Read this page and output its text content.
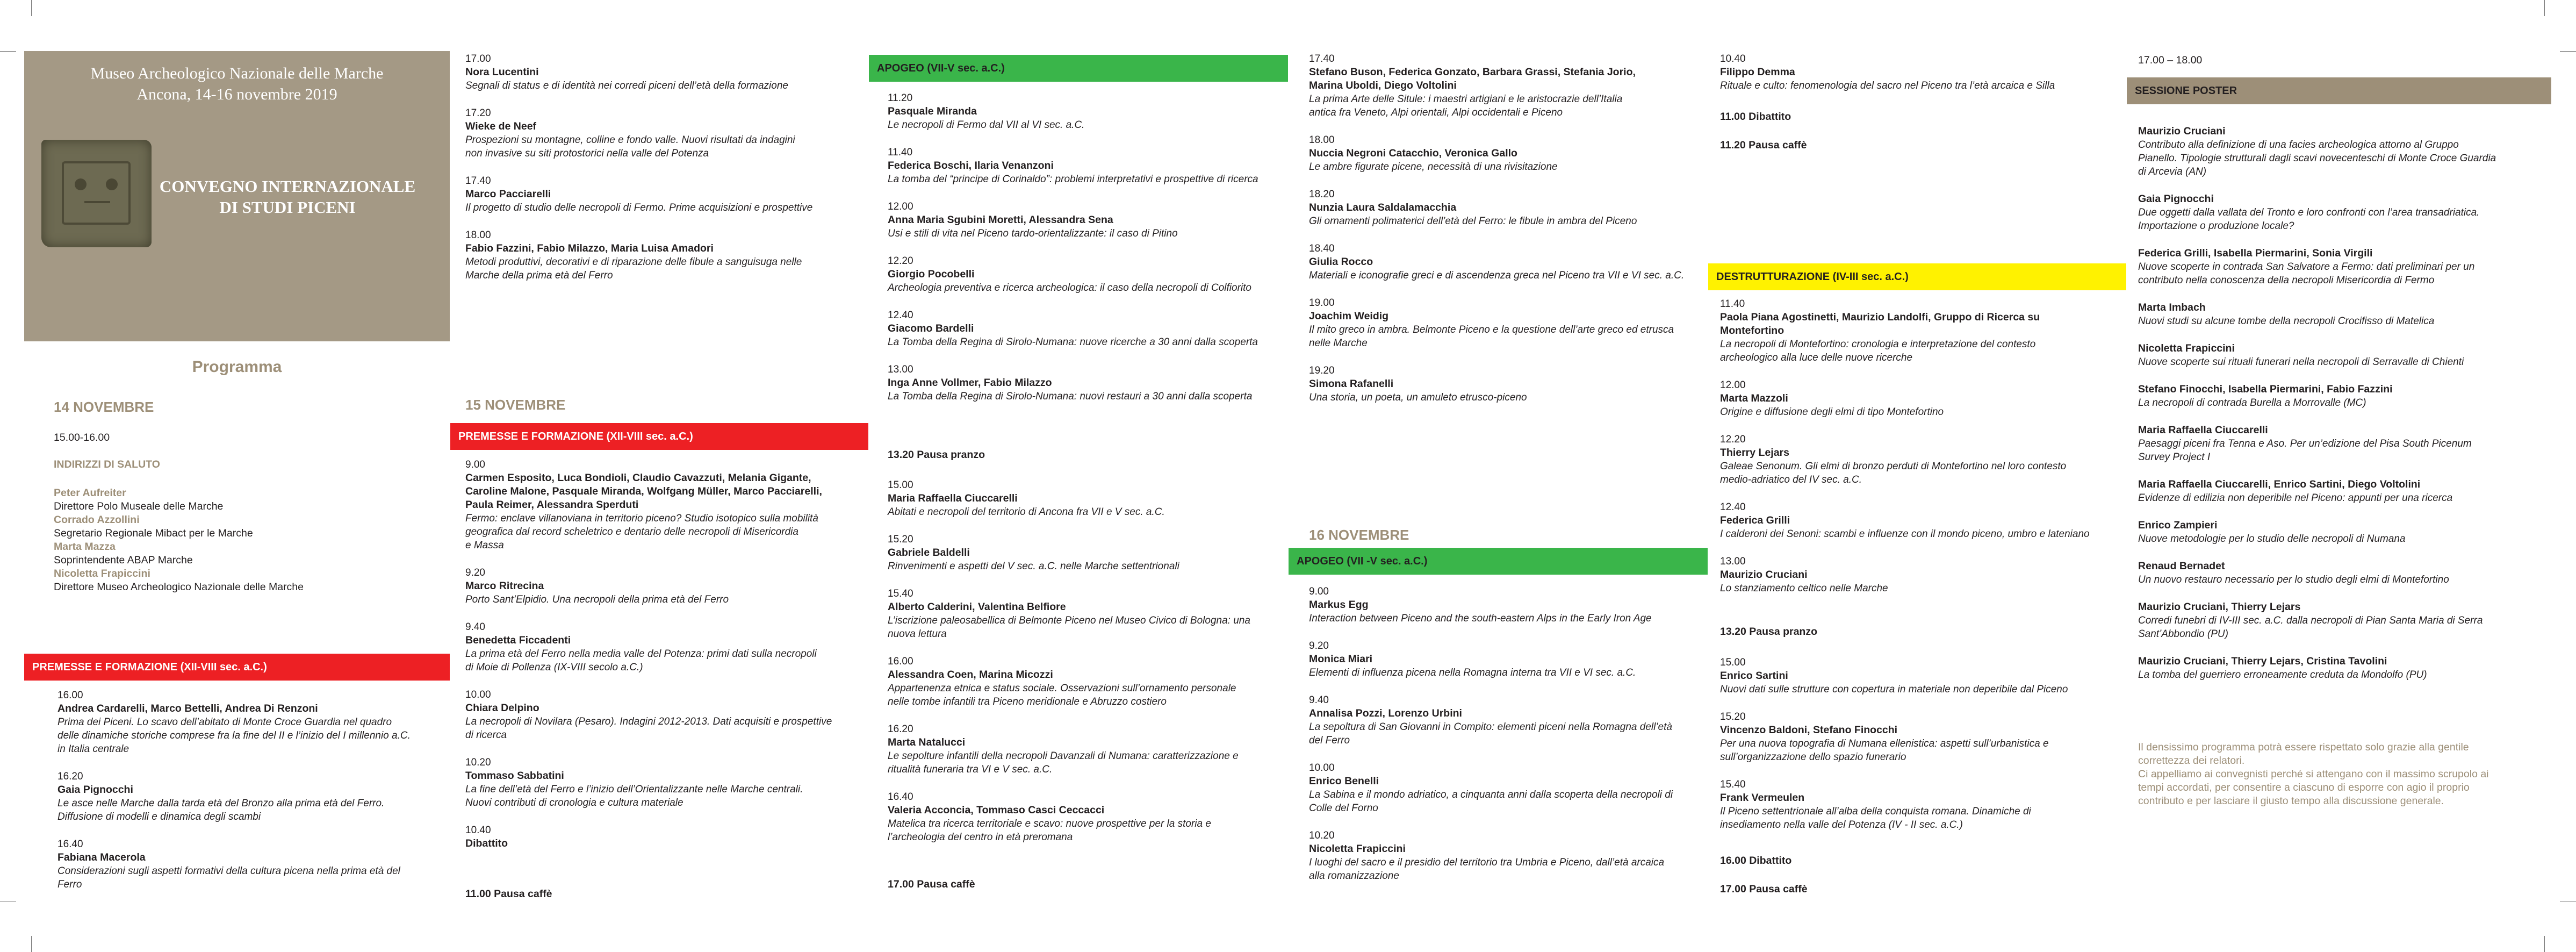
Museo Archeologico Nazionale delle Marche
Ancona, 14-16 novembre 2019
CONVEGNO INTERNAZIONALE
DI STUDI PICENI
Programma
14 NOVEMBRE
15.00-16.00
INDIRIZZI DI SALUTO
Peter Aufreiter
Direttore Polo Museale delle Marche
Corrado Azzollini
Segretario Regionale Mibact per le Marche
Marta Mazza
Soprintendente ABAP Marche
Nicoletta Frapiccini
Direttore Museo Archeologico Nazionale delle Marche
PREMESSE E FORMAZIONE (XII-VIII sec. a.C.)
16.00
Andrea Cardarelli, Marco Bettelli, Andrea Di Renzoni
Prima dei Piceni. Lo scavo dell’abitato di Monte Croce Guardia nel quadro
delle dinamiche storiche comprese fra la fine del II e l’inizio del I millennio a.C.
in Italia centrale
16.20
Gaia Pignocchi
Le asce nelle Marche dalla tarda età del Bronzo alla prima età del Ferro.
Diffusione di modelli e dinamica degli scambi
16.40
Fabiana Macerola
Considerazioni sugli aspetti formativi della cultura picena nella prima età del
Ferro
17.00
Nora Lucentini
Segnali di status e di identità nei corredi piceni dell’età della formazione
17.20
Wieke de Neef
Prospezioni su montagne, colline e fondo valle. Nuovi risultati da indagini
non invasive su siti protostorici nella valle del Potenza
17.40
Marco Pacciarelli
Il progetto di studio delle necropoli di Fermo. Prime acquisizioni e prospettive
18.00
Fabio Fazzini, Fabio Milazzo, Maria Luisa Amadori
Metodi produttivi, decorativi e di riparazione delle fibule a sanguisuga nelle
Marche della prima età del Ferro
15 NOVEMBRE
PREMESSE E FORMAZIONE (XII-VIII sec. a.C.)
9.00
Carmen Esposito, Luca Bondioli, Claudio Cavazzuti, Melania Gigante,
Caroline Malone, Pasquale Miranda, Wolfgang Müller, Marco Pacciarelli,
Paula Reimer, Alessandra Sperduti
Fermo: enclave villanoviana in territorio piceno? Studio isotopico sulla mobilità
geografica dal record scheletrico e dentario delle necropoli di Misericordia
e Massa
9.20
Marco Ritrecina
Porto Sant’Elpidio. Una necropoli della prima età del Ferro
9.40
Benedetta Ficcadenti
La prima età del Ferro nella media valle del Potenza: primi dati sulla necropoli
di Moie di Pollenza (IX-VIII secolo a.C.)
10.00
Chiara Delpino
La necropoli di Novilara (Pesaro). Indagini 2012-2013. Dati acquisiti e prospettive
di ricerca
10.20
Tommaso Sabbatini
La fine dell’età del Ferro e l’inizio dell’Orientalizzante nelle Marche centrali.
Nuovi contributi di cronologia e cultura materiale
10.40
Dibattito
11.00 Pausa caffè
APOGEO (VII-V sec. a.C.)
11.20
Pasquale Miranda
Le necropoli di Fermo dal VII al VI sec. a.C.
11.40
Federica Boschi, Ilaria Venanzoni
La tomba del “principe di Corinaldo”: problemi interpretativi e prospettive di ricerca
12.00
Anna Maria Sgubini Moretti, Alessandra Sena
Usi e stili di vita nel Piceno tardo-orientalizzante: il caso di Pitino
12.20
Giorgio Pocobelli
Archeologia preventiva e ricerca archeologica: il caso della necropoli di Colfiorito
12.40
Giacomo Bardelli
La Tomba della Regina di Sirolo-Numana: nuove ricerche a 30 anni dalla scoperta
13.00
Inga Anne Vollmer, Fabio Milazzo
La Tomba della Regina di Sirolo-Numana: nuovi restauri a 30 anni dalla scoperta
13.20 Pausa pranzo
15.00
Maria Raffaella Ciuccarelli
Abitati e necropoli del territorio di Ancona fra VII e V sec. a.C.
15.20
Gabriele Baldelli
Rinvenimenti e aspetti del V sec. a.C. nelle Marche settentrionali
15.40
Alberto Calderini, Valentina Belfiore
L’iscrizione paleosabellica di Belmonte Piceno nel Museo Civico di Bologna: una
nuova lettura
16.00
Alessandra Coen, Marina Micozzi
Appartenenza etnica e status sociale. Osservazioni sull’ornamento personale
nelle tombe infantili tra Piceno meridionale e Abruzzo costiero
16.20
Marta Natalucci
Le sepolture infantili della necropoli Davanzali di Numana: caratterizzazione e
ritualità funeraria tra VI e V sec. a.C.
16.40
Valeria Acconcia, Tommaso Casci Ceccacci
Matelica tra ricerca territoriale e scavo: nuove prospettive per la storia e
l’archeologia del centro in età preromana
17.00 Pausa caffè
17.40
Stefano Buson, Federica Gonzato, Barbara Grassi, Stefania Jorio,
Marina Uboldi, Diego Voltolini
La prima Arte delle Situle: i maestri artigiani e le aristocrazie dell’Italia
antica fra Veneto, Alpi orientali, Alpi occidentali e Piceno
18.00
Nuccia Negroni Catacchio, Veronica Gallo
Le ambre figurate picene, necessità di una rivisitazione
18.20
Nunzia Laura Saldalamacchia
Gli ornamenti polimaterici dell’età del Ferro: le fibule in ambra del Piceno
18.40
Giulia Rocco
Materiali e iconografie greci e di ascendenza greca nel Piceno tra VII e VI sec. a.C.
19.00
Joachim Weidig
Il mito greco in ambra. Belmonte Piceno e la questione dell’arte greco ed etrusca
nelle Marche
19.20
Simona Rafanelli
Una storia, un poeta, un amuleto etrusco-piceno
16 NOVEMBRE
APOGEO (VII -V sec. a.C.)
9.00
Markus Egg
Interaction between Piceno and the south-eastern Alps in the Early Iron Age
9.20
Monica Miari
Elementi di influenza picena nella Romagna interna tra VII e VI sec. a.C.
9.40
Annalisa Pozzi, Lorenzo Urbini
La sepoltura di San Giovanni in Compito: elementi piceni nella Romagna dell’età
del Ferro
10.00
Enrico Benelli
La Sabina e il mondo adriatico, a cinquanta anni dalla scoperta della necropoli di
Colle del Forno
10.20
Nicoletta Frapiccini
I luoghi del sacro e il presidio del territorio tra Umbria e Piceno, dall’età arcaica
alla romanizzazione
10.40
Filippo Demma
Rituale e culto: fenomenologia del sacro nel Piceno tra l’età arcaica e Silla
11.00 Dibattito
11.20 Pausa caffè
DESTRUTTURAZIONE (IV-III sec. a.C.)
11.40
Paola Piana Agostinetti, Maurizio Landolfi, Gruppo di Ricerca su
Montefortino
La necropoli di Montefortino: cronologia e interpretazione del contesto
archeologico alla luce delle nuove ricerche
12.00
Marta Mazzoli
Origine e diffusione degli elmi di tipo Montefortino
12.20
Thierry Lejars
Galeae Senonum. Gli elmi di bronzo perduti di Montefortino nel loro contesto
medio-adriatico del IV sec. a.C.
12.40
Federica Grilli
I calderoni dei Senoni: scambi e influenze con il mondo piceno, umbro e lateniano
13.00
Maurizio Cruciani
Lo stanziamento celtico nelle Marche
13.20 Pausa pranzo
15.00
Enrico Sartini
Nuovi dati sulle strutture con copertura in materiale non deperibile dal Piceno
15.20
Vincenzo Baldoni, Stefano Finocchi
Per una nuova topografia di Numana ellenistica: aspetti sull’urbanistica e
sull’organizzazione dello spazio funerario
15.40
Frank Vermeulen
Il Piceno settentrionale all’alba della conquista romana. Dinamiche di
insediamento nella valle del Potenza (IV - II sec. a.C.)
16.00 Dibattito
17.00 Pausa caffè
17.00 – 18.00
SESSIONE POSTER
Maurizio Cruciani
Contributo alla definizione di una facies archeologica attorno al Gruppo
Pianello. Tipologie strutturali dagli scavi novecenteschi di Monte Croce Guardia
di Arcevia (AN)
Gaia Pignocchi
Due oggetti dalla vallata del Tronto e loro confronti con l’area transadriatica.
Importazione o produzione locale?
Federica Grilli, Isabella Piermarini, Sonia Virgili
Nuove scoperte in contrada San Salvatore a Fermo: dati preliminari per un
contributo nella conoscenza della necropoli Misericordia di Fermo
Marta Imbach
Nuovi studi su alcune tombe della necropoli Crocifisso di Matelica
Nicoletta Frapiccini
Nuove scoperte sui rituali funerari nella necropoli di Serravalle di Chienti
Stefano Finocchi, Isabella Piermarini, Fabio Fazzini
La necropoli di contrada Burella a Morrovalle (MC)
Maria Raffaella Ciuccarelli
Paesaggi piceni fra Tenna e Aso. Per un’edizione del Pisa South Picenum
Survey Project I
Maria Raffaella Ciuccarelli, Enrico Sartini, Diego Voltolini
Evidenze di edilizia non deperibile nel Piceno: appunti per una ricerca
Enrico Zampieri
Nuove metodologie per lo studio delle necropoli di Numana
Renaud Bernadet
Un nuovo restauro necessario per lo studio degli elmi di Montefortino
Maurizio Cruciani, Thierry Lejars
Corredi funebri di IV-III sec. a.C. dalla necropoli di Pian Santa Maria di Serra
Sant’Abbondio (PU)
Maurizio Cruciani, Thierry Lejars, Cristina Tavolini
La tomba del guerriero erroneamente creduta da Mondolfo (PU)
Il densissimo programma potrà essere rispettato solo grazie alla gentile
correttezza dei relatori.
Ci appelliamo ai convegnisti perché si attengano con il massimo scrupolo ai
tempi accordati, per consentire a ciascuno di esporre con agio il proprio
contributo e per lasciare il giusto tempo alla discussione generale.
